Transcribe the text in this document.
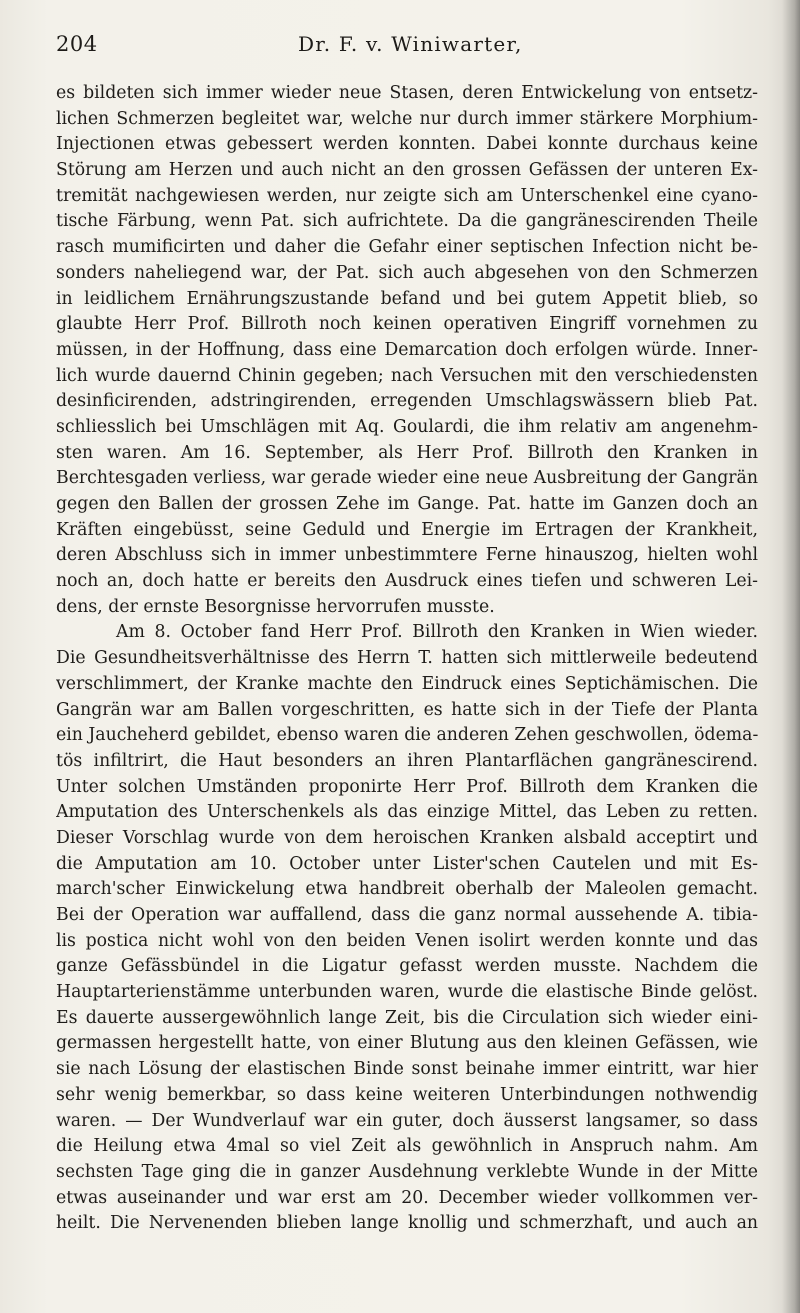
204	Dr. F. v. Winiwarter,
es bildeten sich immer wieder neue Stasen, deren Entwickelung von entsetz-
lichen Schmerzen begleitet war, welche nur durch immer stärkere Morphium-
Injectionen etwas gebessert werden konnten. Dabei konnte durchaus keine
Störung am Herzen und auch nicht an den grossen Gefässen der unteren Ex-
tremität nachgewiesen werden, nur zeigte sich am Unterschenkel eine cyano-
tische Färbung, wenn Pat. sich aufrichtete. Da die gangränescirenden Theile
rasch mumificirten und daher die Gefahr einer septischen Infection nicht be-
sonders naheliegend war, der Pat. sich auch abgesehen von den Schmerzen
in leidlichem Ernährungszustande befand und bei gutem Appetit blieb, so
glaubte Herr Prof. Billroth noch keinen operativen Eingriff vornehmen zu
müssen, in der Hoffnung, dass eine Demarcation doch erfolgen würde. Inner-
lich wurde dauernd Chinin gegeben; nach Versuchen mit den verschiedensten
desinficirenden, adstringirenden, erregenden Umschlagswässern blieb Pat.
schliesslich bei Umschlägen mit Aq. Goulardi, die ihm relativ am angenehm-
sten waren. Am 16. September, als Herr Prof. Billroth den Kranken in
Berchtesgaden verliess, war gerade wieder eine neue Ausbreitung der Gangrän
gegen den Ballen der grossen Zehe im Gange. Pat. hatte im Ganzen doch an
Kräften eingebüsst, seine Geduld und Energie im Ertragen der Krankheit,
deren Abschluss sich in immer unbestimmtere Ferne hinauszog, hielten wohl
noch an, doch hatte er bereits den Ausdruck eines tiefen und schweren Lei-
dens, der ernste Besorgnisse hervorrufen musste.
Am 8. October fand Herr Prof. Billroth den Kranken in Wien wieder.
Die Gesundheitsverhältnisse des Herrn T. hatten sich mittlerweile bedeutend
verschlimmert, der Kranke machte den Eindruck eines Septichämischen. Die
Gangrän war am Ballen vorgeschritten, es hatte sich in der Tiefe der Planta
ein Jaucheherd gebildet, ebenso waren die anderen Zehen geschwollen, ödema-
tös infiltrirt, die Haut besonders an ihren Plantarflächen gangränescirend.
Unter solchen Umständen proponirte Herr Prof. Billroth dem Kranken die
Amputation des Unterschenkels als das einzige Mittel, das Leben zu retten.
Dieser Vorschlag wurde von dem heroischen Kranken alsbald acceptirt und
die Amputation am 10. October unter Lister'schen Cautelen und mit Es-
march'scher Einwickelung etwa handbreit oberhalb der Maleolen gemacht.
Bei der Operation war auffallend, dass die ganz normal aussehende A. tibia-
lis postica nicht wohl von den beiden Venen isolirt werden konnte und das
ganze Gefässbündel in die Ligatur gefasst werden musste. Nachdem die
Hauptarterienstämme unterbunden waren, wurde die elastische Binde gelöst.
Es dauerte aussergewöhnlich lange Zeit, bis die Circulation sich wieder eini-
germassen hergestellt hatte, von einer Blutung aus den kleinen Gefässen, wie
sie nach Lösung der elastischen Binde sonst beinahe immer eintritt, war hier
sehr wenig bemerkbar, so dass keine weiteren Unterbindungen nothwendig
waren. — Der Wundverlauf war ein guter, doch äusserst langsamer, so dass
die Heilung etwa 4mal so viel Zeit als gewöhnlich in Anspruch nahm. Am
sechsten Tage ging die in ganzer Ausdehnung verklebte Wunde in der Mitte
etwas auseinander und war erst am 20. December wieder vollkommen ver-
heilt. Die Nervenenden blieben lange knollig und schmerzhaft, und auch an
